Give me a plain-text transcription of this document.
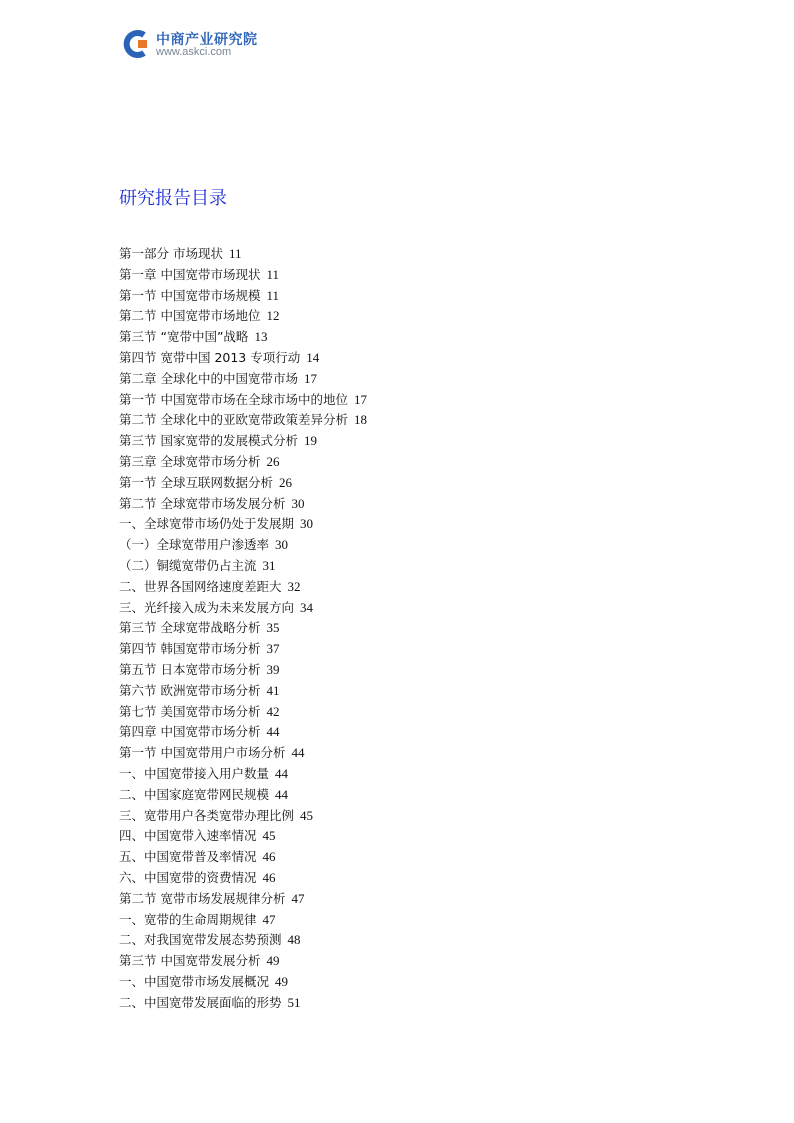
中商产业研究院
www.askci.com
研究报告目录
第一部分 市场现状 11
第一章 中国宽带市场现状 11
第一节 中国宽带市场规模 11
第二节 中国宽带市场地位 12
第三节 “宽带中国”战略 13
第四节 宽带中国 2013 专项行动 14
第二章 全球化中的中国宽带市场 17
第一节 中国宽带市场在全球市场中的地位 17
第二节 全球化中的亚欧宽带政策差异分析 18
第三节 国家宽带的发展模式分析 19
第三章 全球宽带市场分析 26
第一节 全球互联网数据分析 26
第二节 全球宽带市场发展分析 30
一、全球宽带市场仍处于发展期 30
（一）全球宽带用户渗透率 30
（二）铜缆宽带仍占主流 31
二、世界各国网络速度差距大 32
三、光纤接入成为未来发展方向 34
第三节 全球宽带战略分析 35
第四节 韩国宽带市场分析 37
第五节 日本宽带市场分析 39
第六节 欧洲宽带市场分析 41
第七节 美国宽带市场分析 42
第四章 中国宽带市场分析 44
第一节 中国宽带用户市场分析 44
一、中国宽带接入用户数量 44
二、中国家庭宽带网民规模 44
三、宽带用户各类宽带办理比例 45
四、中国宽带入速率情况 45
五、中国宽带普及率情况 46
六、中国宽带的资费情况 46
第二节 宽带市场发展规律分析 47
一、宽带的生命周期规律 47
二、对我国宽带发展态势预测 48
第三节 中国宽带发展分析 49
一、中国宽带市场发展概况 49
二、中国宽带发展面临的形势 51
